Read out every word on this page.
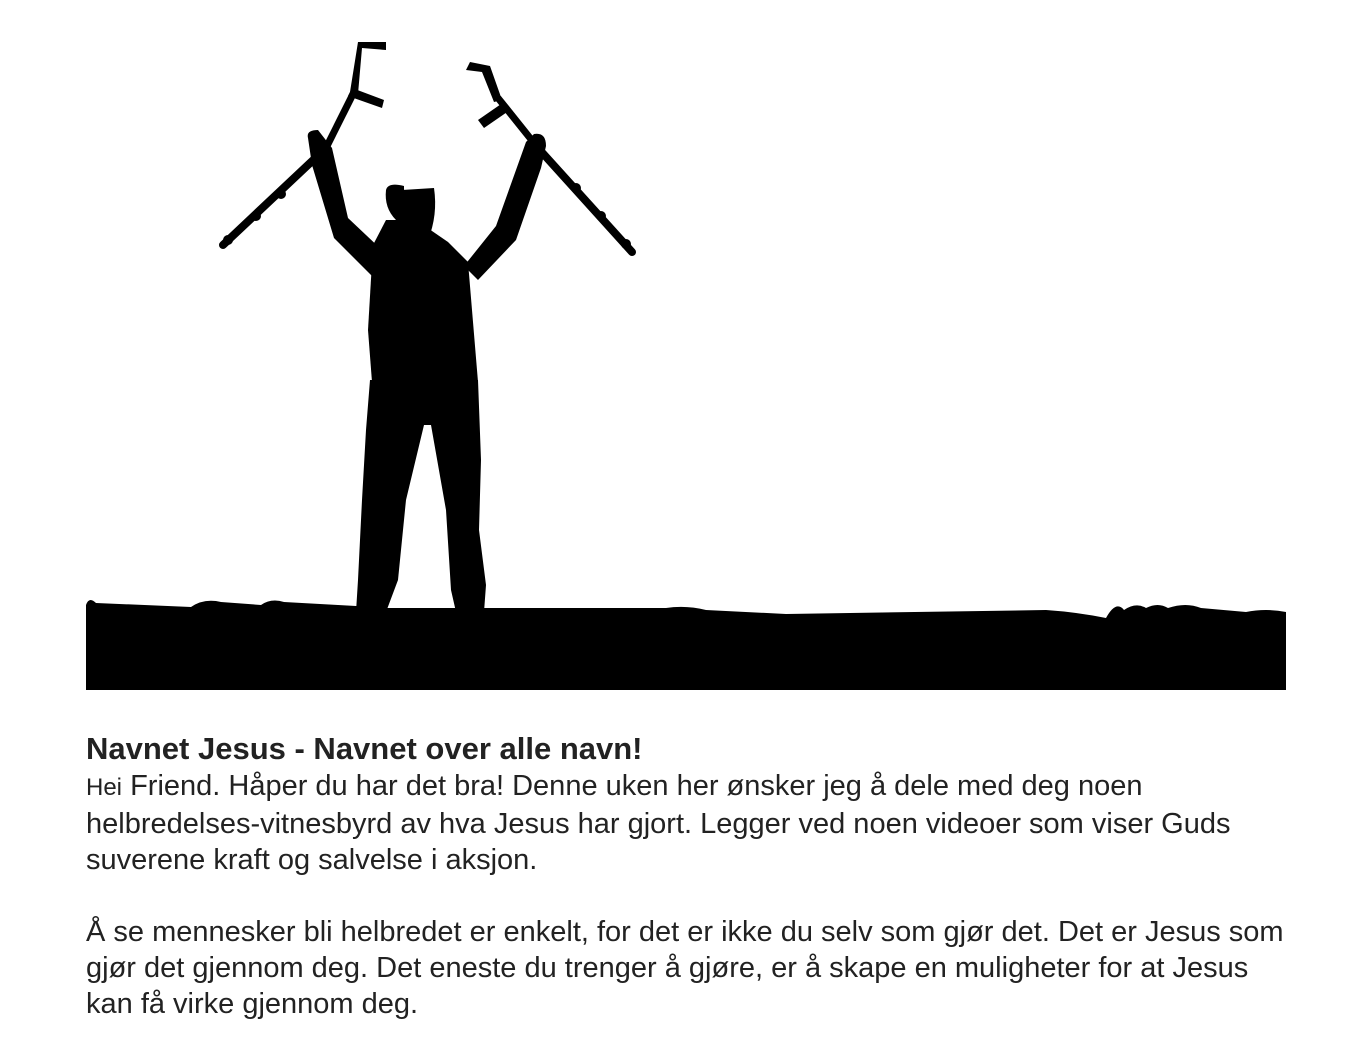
Navnet Jesus - Navnet over alle navn!

Hei Friend. Håper du har det bra! Denne uken her ønsker jeg å dele med deg noen helbredelses-vitnesbyrd av hva Jesus har gjort. Legger ved noen videoer som viser Guds suverene kraft og salvelse i aksjon.

Å se mennesker bli helbredet er enkelt, for det er ikke du selv som gjør det. Det er Jesus som gjør det gjennom deg. Det eneste du trenger å gjøre, er å skape en muligheter for at Jesus kan få virke gjennom deg.
